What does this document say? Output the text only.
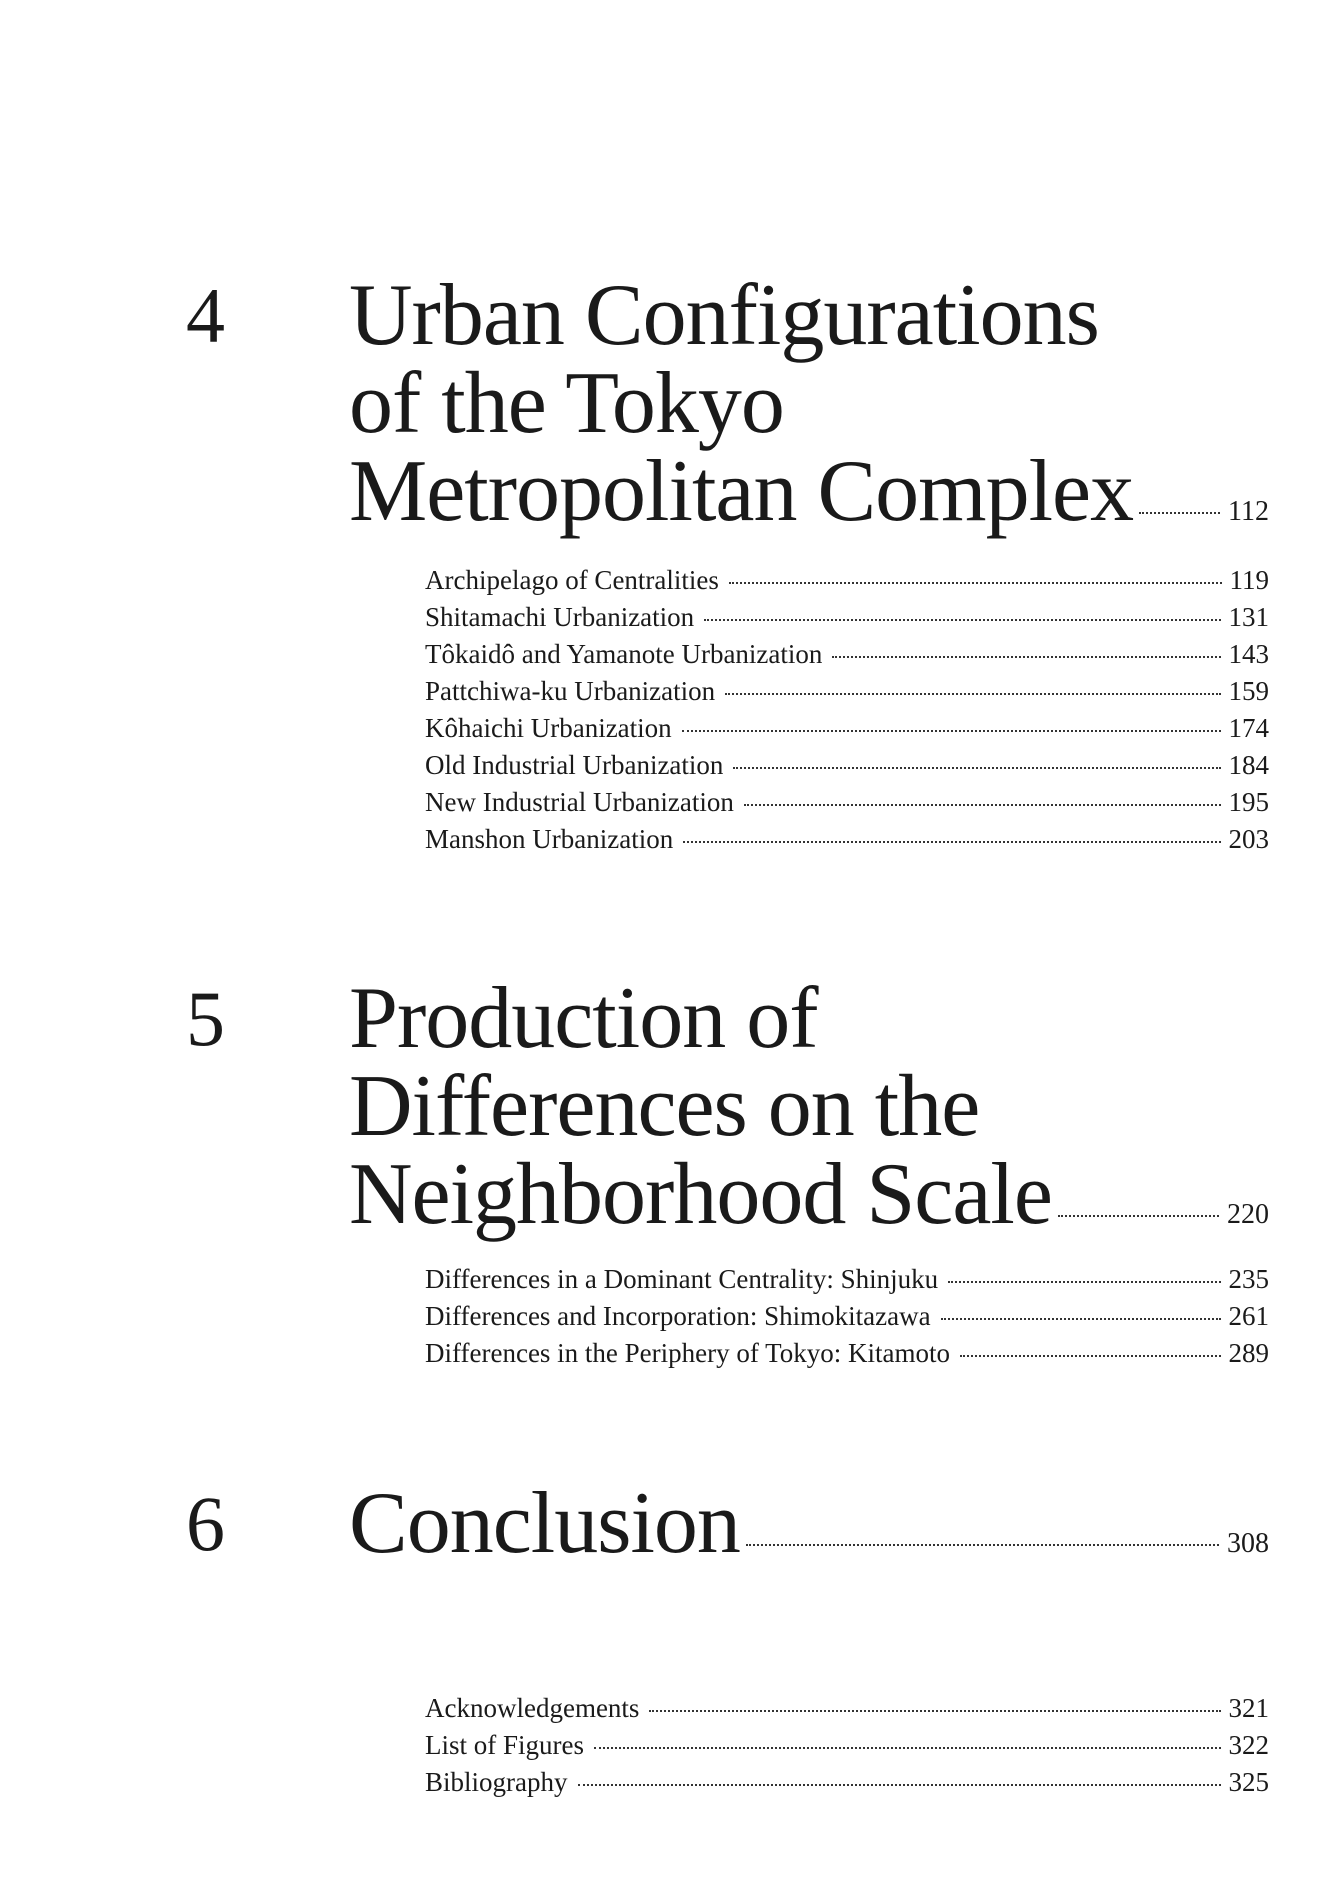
4 Urban Configurations
of the Tokyo
Metropolitan Complex	112
Archipelago of Centralities	119
Shitamachi Urbanization	131
Tôkaidô and Yamanote Urbanization	143
Pattchiwa-ku Urbanization	159
Kôhaichi Urbanization	174
Old Industrial Urbanization	184
New Industrial Urbanization	195
Manshon Urbanization	203
5 Production of
Differences on the
Neighborhood Scale	220
Differences in a Dominant Centrality: Shinjuku	235
Differences and Incorporation: Shimokitazawa	261
Differences in the Periphery of Tokyo: Kitamoto	289
6 Conclusion	308
Acknowledgements	321
List of Figures	322
Bibliography	325
